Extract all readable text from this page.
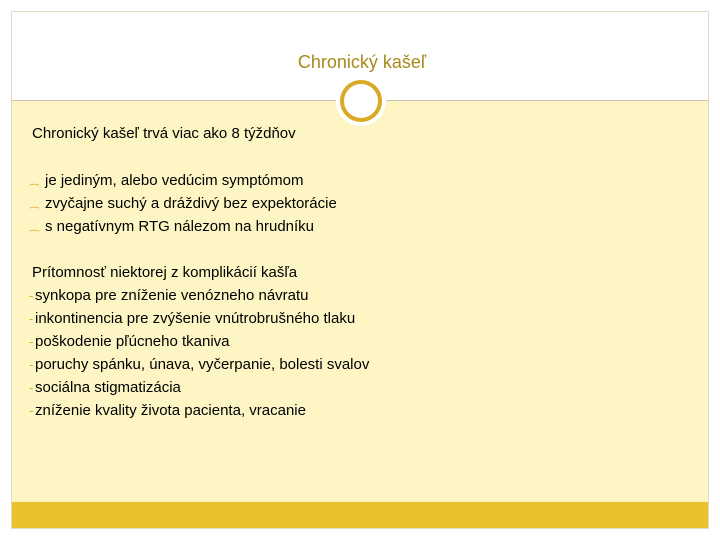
Chronický kašeľ
Chronický kašeľ trvá viac ako 8 týždňov
⁔ je jediným, alebo vedúcim symptómom
⁔ zvyčajne suchý a dráždivý bez expektorácie
⁔ s negatívnym RTG nálezom na hrudníku
Prítomnosť niektorej z komplikácií kašľa
- synkopa pre zníženie venózneho návratu
- inkontinencia pre zvýšenie vnútrobrušného tlaku
- poškodenie pľúcneho tkaniva
- poruchy spánku, únava, vyčerpanie, bolesti svalov
- sociálna stigmatizácia
- zníženie kvality života pacienta, vracanie
